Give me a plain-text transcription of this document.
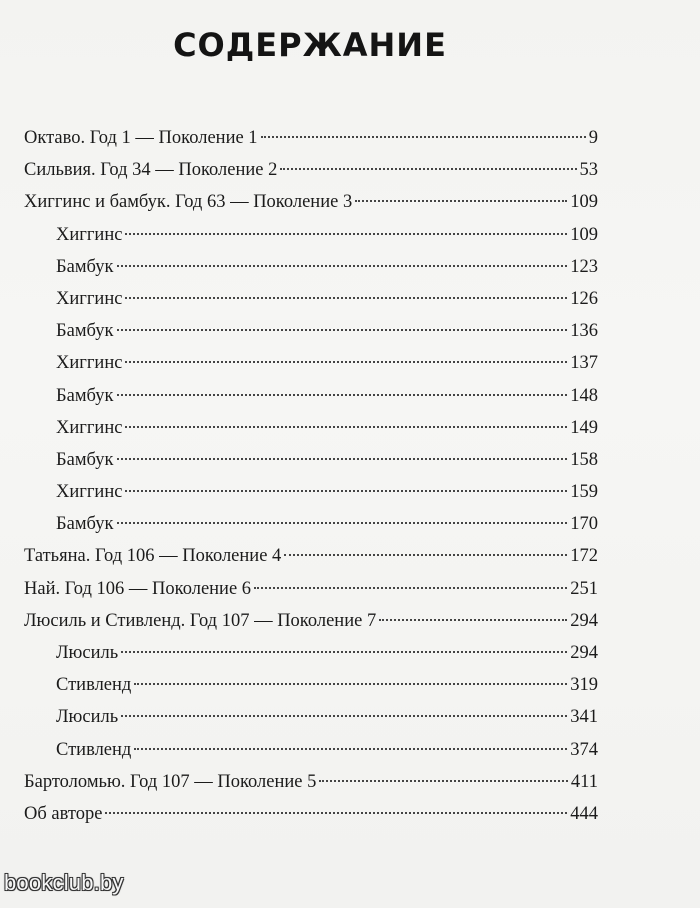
СОДЕРЖАНИЕ
Октаво. Год 1 — Поколение 1	9
Сильвия. Год 34 — Поколение 2	53
Хиггинс и бамбук. Год 63 — Поколение 3	109
Хиггинс	109
Бамбук	123
Хиггинс	126
Бамбук	136
Хиггинс	137
Бамбук	148
Хиггинс	149
Бамбук	158
Хиггинс	159
Бамбук	170
Татьяна. Год 106 — Поколение 4	172
Най. Год 106 — Поколение 6	251
Люсиль и Стивленд. Год 107 — Поколение 7	294
Люсиль	294
Стивленд	319
Люсиль	341
Стивленд	374
Бартоломью. Год 107 — Поколение 5	411
Об авторе	444
bookclub.by
